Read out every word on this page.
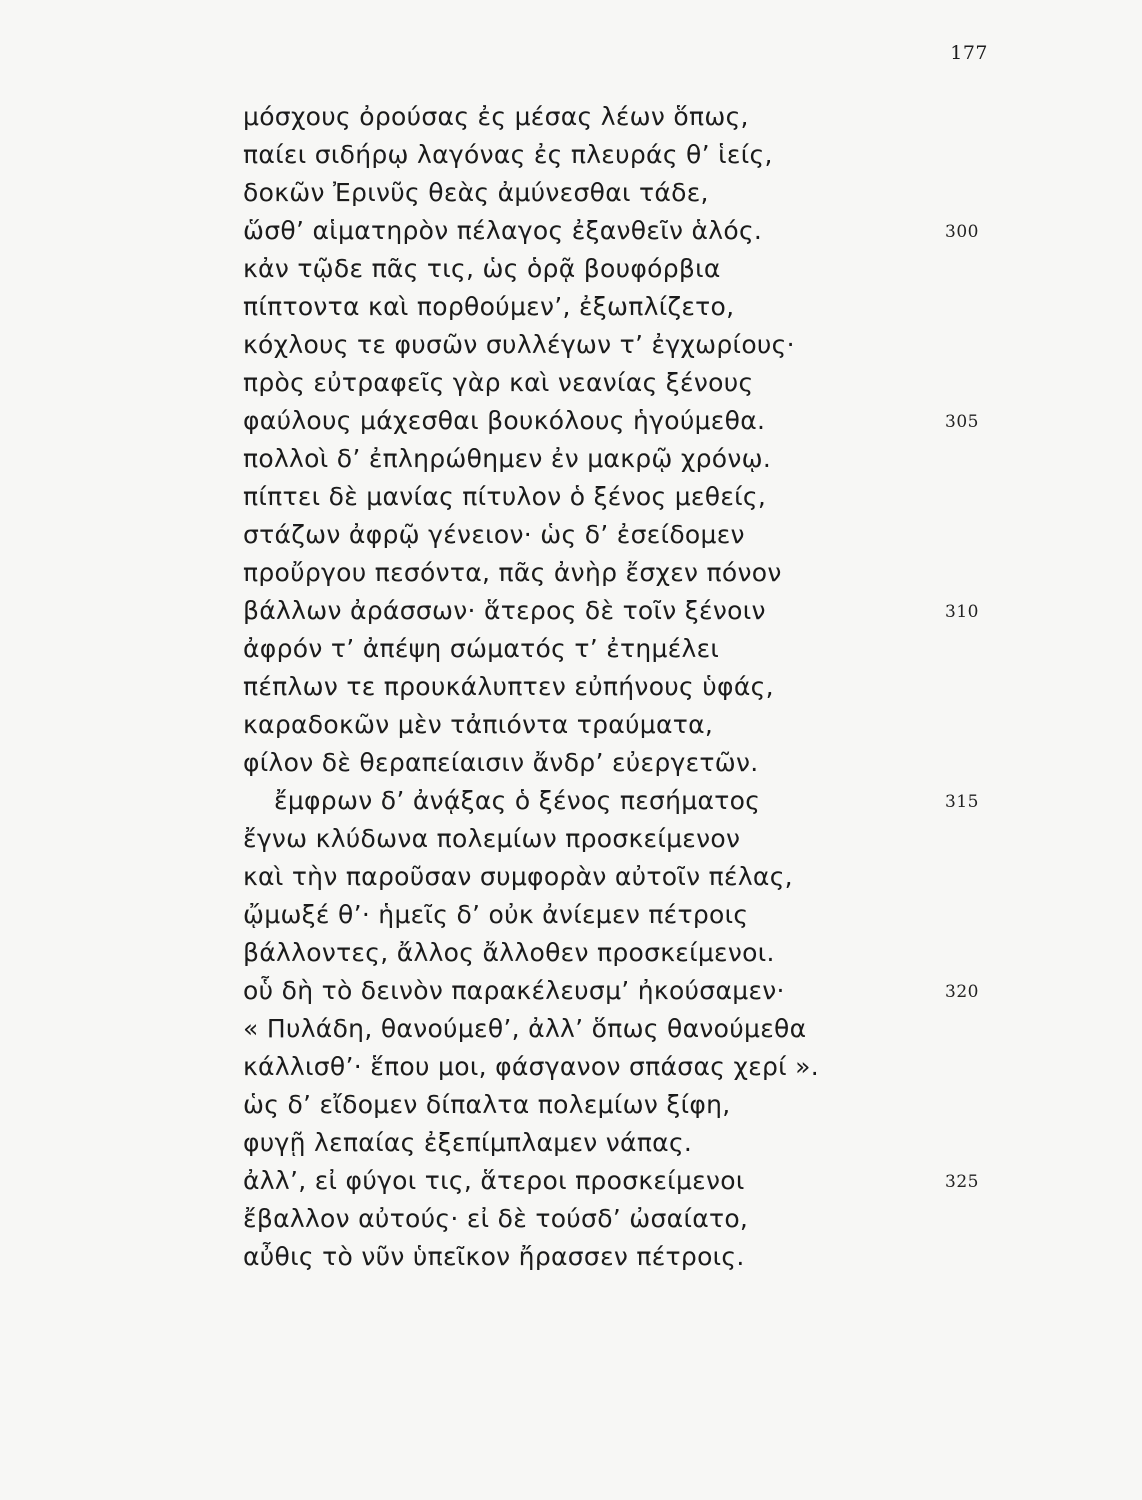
177
μόσχους ὀρούσας ἐς μέσας λέων ὅπως,
παίει σιδήρῳ λαγόνας ἐς πλευράς θ’ ἱείς,
δοκῶν Ἐρινῦς θεὰς ἀμύνεσθαι τάδε,
ὥσθ’ αἱματηρὸν πέλαγος ἐξανθεῖν ἁλός.	300
κἀν τῷδε πᾶς τις, ὡς ὁρᾷ βουφόρβια
πίπτοντα καὶ πορθούμεν’, ἐξωπλίζετο,
κόχλους τε φυσῶν συλλέγων τ’ ἐγχωρίους·
πρὸς εὐτραφεῖς γὰρ καὶ νεανίας ξένους
φαύλους μάχεσθαι βουκόλους ἡγούμεθα.	305
πολλοὶ δ’ ἐπληρώθημεν ἐν μακρῷ χρόνῳ.
πίπτει δὲ μανίας πίτυλον ὁ ξένος μεθείς,
στάζων ἀφρῷ γένειον· ὡς δ’ ἐσείδομεν
προὔργου πεσόντα, πᾶς ἀνὴρ ἔσχεν πόνον
βάλλων ἀράσσων· ἅτερος δὲ τοῖν ξένοιν	310
ἀφρόν τ’ ἀπέψη σώματός τ’ ἐτημέλει
πέπλων τε προυκάλυπτεν εὐπήνους ὑφάς,
καραδοκῶν μὲν τἀπιόντα τραύματα,
φίλον δὲ θεραπείαισιν ἄνδρ’ εὐεργετῶν.
ἔμφρων δ’ ἀνᾴξας ὁ ξένος πεσήματος	315
ἔγνω κλύδωνα πολεμίων προσκείμενον
καὶ τὴν παροῦσαν συμφορὰν αὐτοῖν πέλας,
ᾤμωξέ θ’· ἡμεῖς δ’ οὐκ ἀνίεμεν πέτροις
βάλλοντες, ἄλλος ἄλλοθεν προσκείμενοι.
οὗ δὴ τὸ δεινὸν παρακέλευσμ’ ἠκούσαμεν·	320
« Πυλάδη, θανούμεθ’, ἀλλ’ ὅπως θανούμεθα
κάλλισθ’· ἕπου μοι, φάσγανον σπάσας χερί ».
ὡς δ’ εἴδομεν δίπαλτα πολεμίων ξίφη,
φυγῇ λεπαίας ἐξεπίμπλαμεν νάπας.
ἀλλ’, εἰ φύγοι τις, ἅτεροι προσκείμενοι	325
ἔβαλλον αὐτούς· εἰ δὲ τούσδ’ ὠσαίατο,
αὖθις τὸ νῦν ὑπεῖκον ἤρασσεν πέτροις.
